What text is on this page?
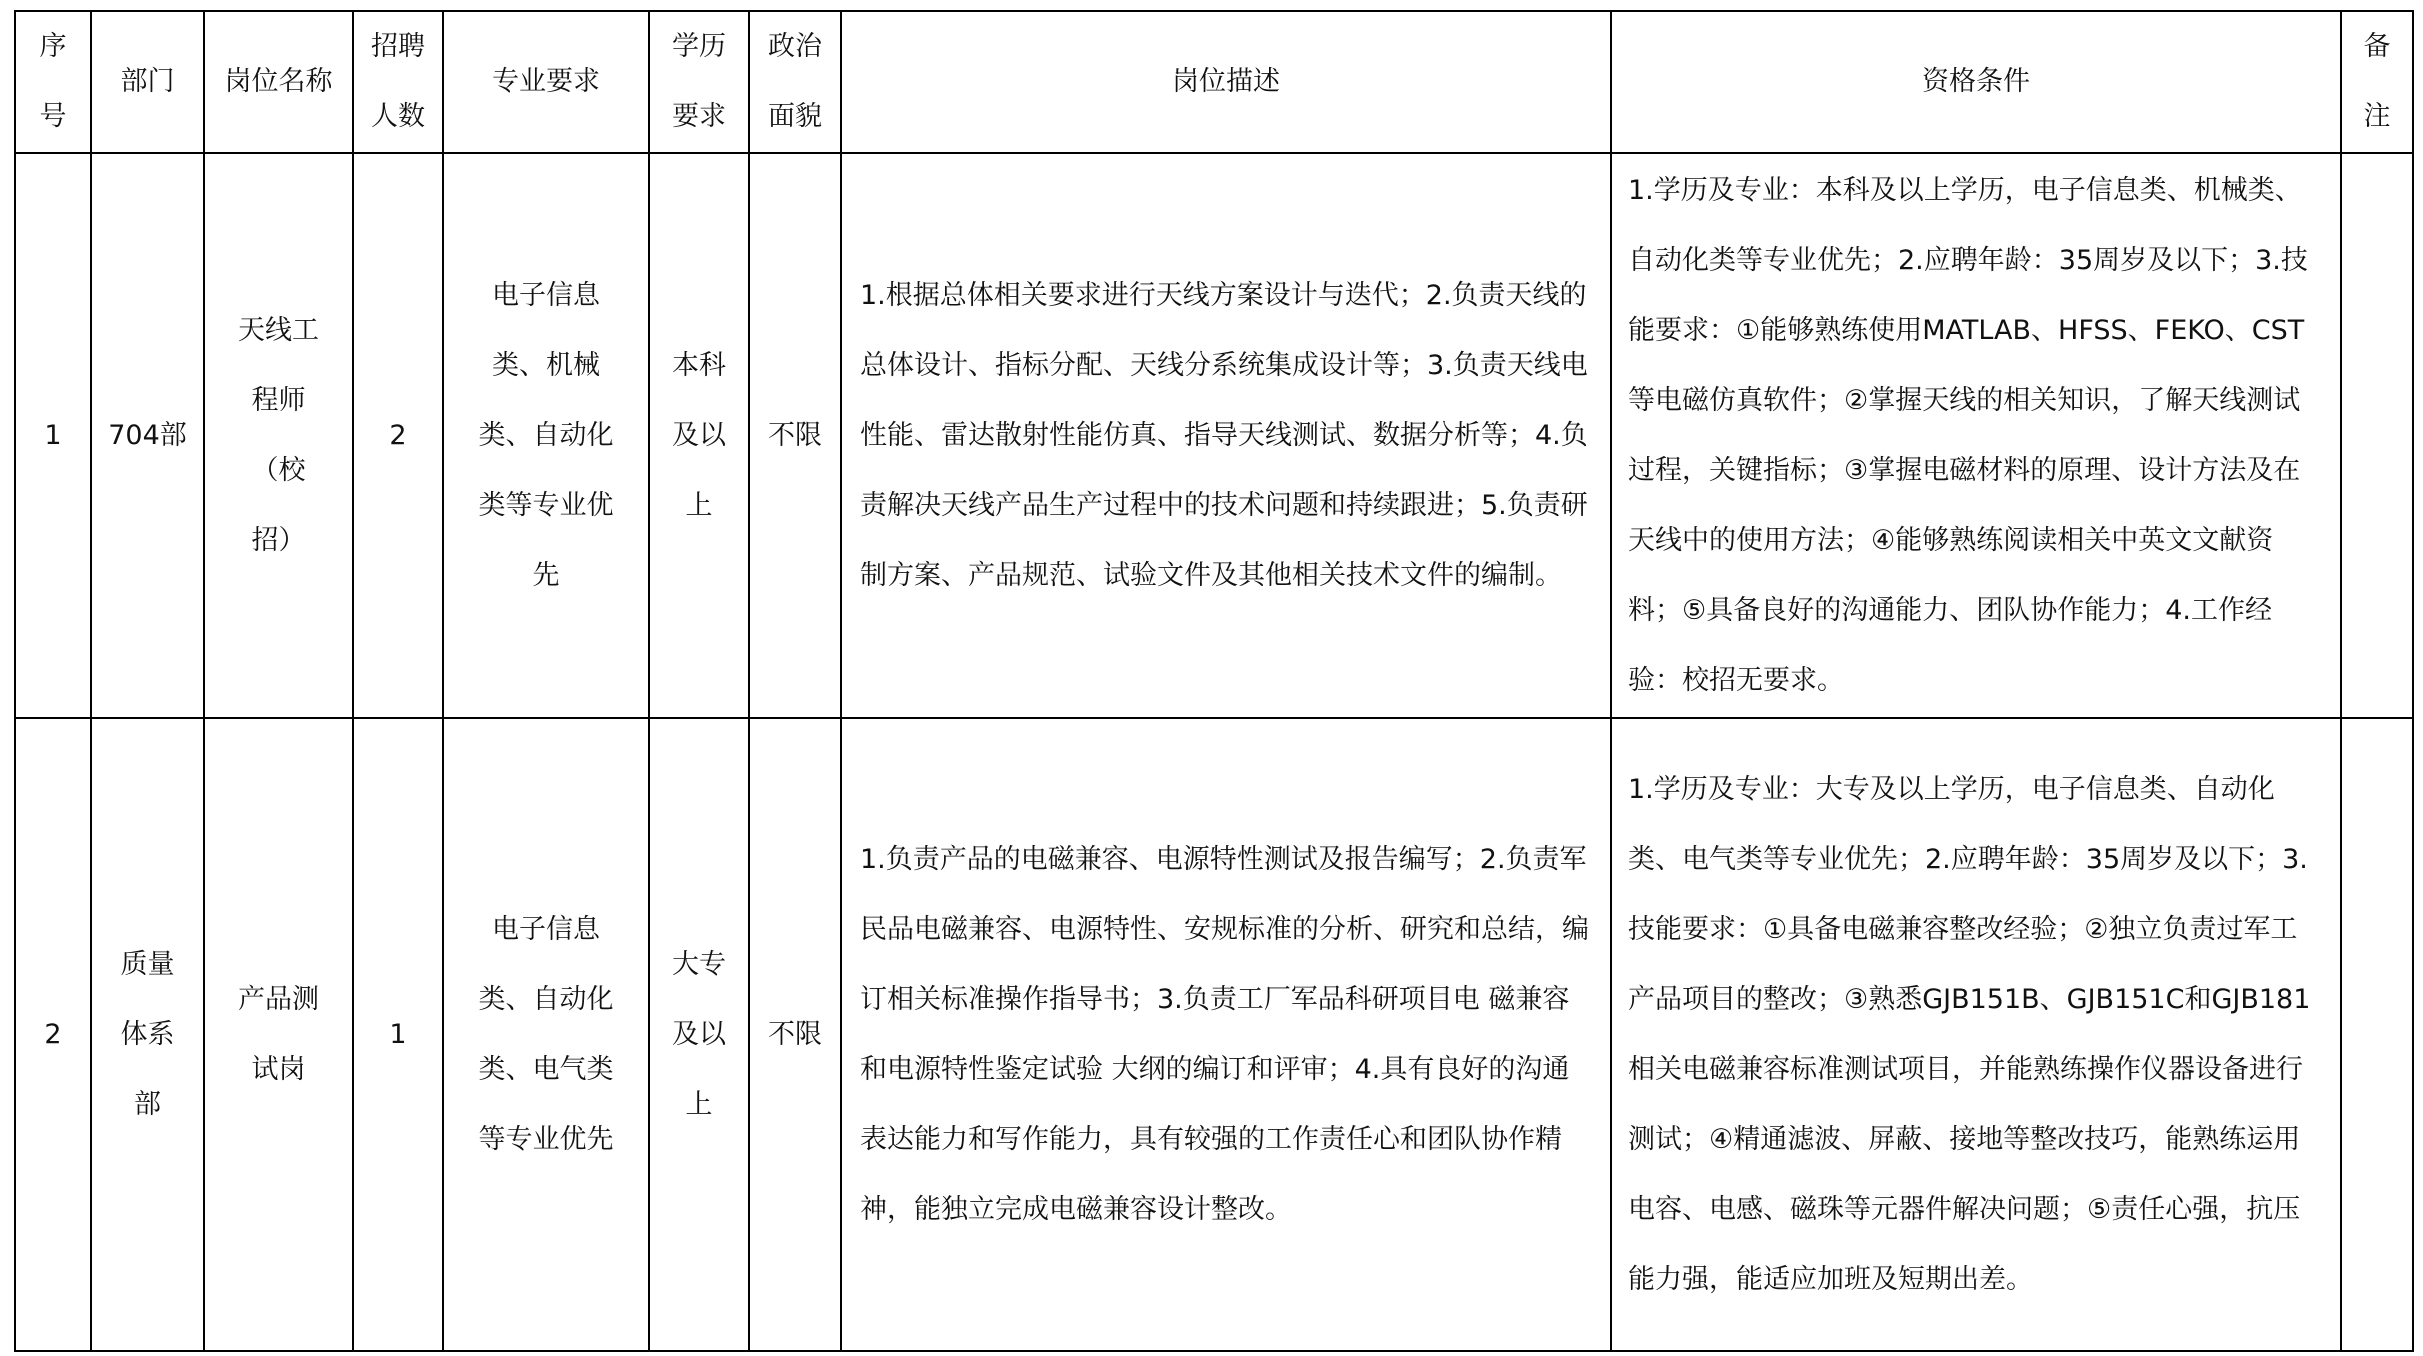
序号	部门	岗位名称	招聘人数	专业要求	学历要求	政治面貌	岗位描述	资格条件	备注
1	704部	天线工程师（校招）	2	电子信息类、机械类、自动化类等专业优先	本科及以上	不限	1.根据总体相关要求进行天线方案设计与迭代；2.负责天线的总体设计、指标分配、天线分系统集成设计等；3.负责天线电性能、雷达散射性能仿真、指导天线测试、数据分析等；4.负责解决天线产品生产过程中的技术问题和持续跟进；5.负责研制方案、产品规范、试验文件及其他相关技术文件的编制。	1.学历及专业：本科及以上学历，电子信息类、机械类、自动化类等专业优先；2.应聘年龄：35周岁及以下；3.技能要求：①能够熟练使用MATLAB、HFSS、FEKO、CST等电磁仿真软件；②掌握天线的相关知识，了解天线测试过程，关键指标；③掌握电磁材料的原理、设计方法及在天线中的使用方法；④能够熟练阅读相关中英文文献资料；⑤具备良好的沟通能力、团队协作能力；4.工作经验：校招无要求。	
2	质量体系部	产品测试岗	1	电子信息类、自动化类、电气类等专业优先	大专及以上	不限	1.负责产品的电磁兼容、电源特性测试及报告编写；2.负责军民品电磁兼容、电源特性、安规标准的分析、研究和总结，编订相关标准操作指导书；3.负责工厂军品科研项目电 磁兼容和电源特性鉴定试验 大纲的编订和评审；4.具有良好的沟通表达能力和写作能力，具有较强的工作责任心和团队协作精神，能独立完成电磁兼容设计整改。	1.学历及专业：大专及以上学历，电子信息类、自动化类、电气类等专业优先；2.应聘年龄：35周岁及以下；3.技能要求：①具备电磁兼容整改经验；②独立负责过军工产品项目的整改；③熟悉GJB151B、GJB151C和GJB181相关电磁兼容标准测试项目，并能熟练操作仪器设备进行测试；④精通滤波、屏蔽、接地等整改技巧，能熟练运用电容、电感、磁珠等元器件解决问题；⑤责任心强，抗压能力强，能适应加班及短期出差。	
